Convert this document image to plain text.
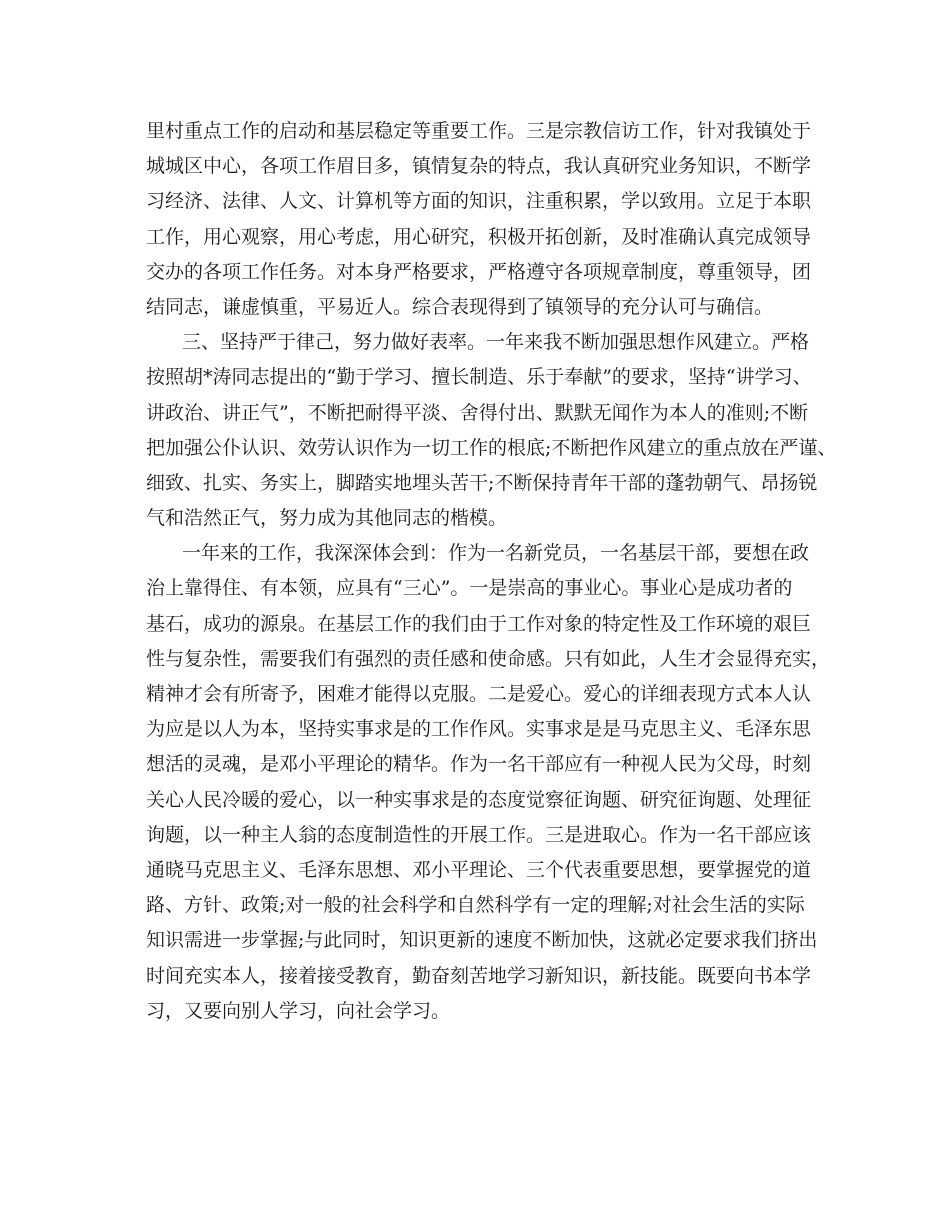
里村重点工作的启动和基层稳定等重要工作。三是宗教信访工作，针对我镇处于
城城区中心，各项工作眉目多，镇情复杂的特点，我认真研究业务知识，不断学
习经济、法律、人文、计算机等方面的知识，注重积累，学以致用。立足于本职
工作，用心观察，用心考虑，用心研究，积极开拓创新，及时准确认真完成领导
交办的各项工作任务。对本身严格要求，严格遵守各项规章制度，尊重领导，团
结同志，谦虚慎重，平易近人。综合表现得到了镇领导的充分认可与确信。
三、坚持严于律己，努力做好表率。一年来我不断加强思想作风建立。严格
按照胡*涛同志提出的“勤于学习、擅长制造、乐于奉献”的要求，坚持“讲学习、
讲政治、讲正气”，不断把耐得平淡、舍得付出、默默无闻作为本人的准则;不断
把加强公仆认识、效劳认识作为一切工作的根底;不断把作风建立的重点放在严谨、
细致、扎实、务实上，脚踏实地埋头苦干;不断保持青年干部的蓬勃朝气、昂扬锐
气和浩然正气，努力成为其他同志的楷模。
一年来的工作，我深深体会到：作为一名新党员，一名基层干部，要想在政
治上靠得住、有本领，应具有“三心”。一是崇高的事业心。事业心是成功者的
基石，成功的源泉。在基层工作的我们由于工作对象的特定性及工作环境的艰巨
性与复杂性，需要我们有强烈的责任感和使命感。只有如此，人生才会显得充实，
精神才会有所寄予，困难才能得以克服。二是爱心。爱心的详细表现方式本人认
为应是以人为本，坚持实事求是的工作作风。实事求是是马克思主义、毛泽东思
想活的灵魂，是邓小平理论的精华。作为一名干部应有一种视人民为父母，时刻
关心人民冷暖的爱心，以一种实事求是的态度觉察征询题、研究征询题、处理征
询题，以一种主人翁的态度制造性的开展工作。三是进取心。作为一名干部应该
通晓马克思主义、毛泽东思想、邓小平理论、三个代表重要思想，要掌握党的道
路、方针、政策;对一般的社会科学和自然科学有一定的理解;对社会生活的实际
知识需进一步掌握;与此同时，知识更新的速度不断加快，这就必定要求我们挤出
时间充实本人，接着接受教育，勤奋刻苦地学习新知识，新技能。既要向书本学
习，又要向别人学习，向社会学习。
